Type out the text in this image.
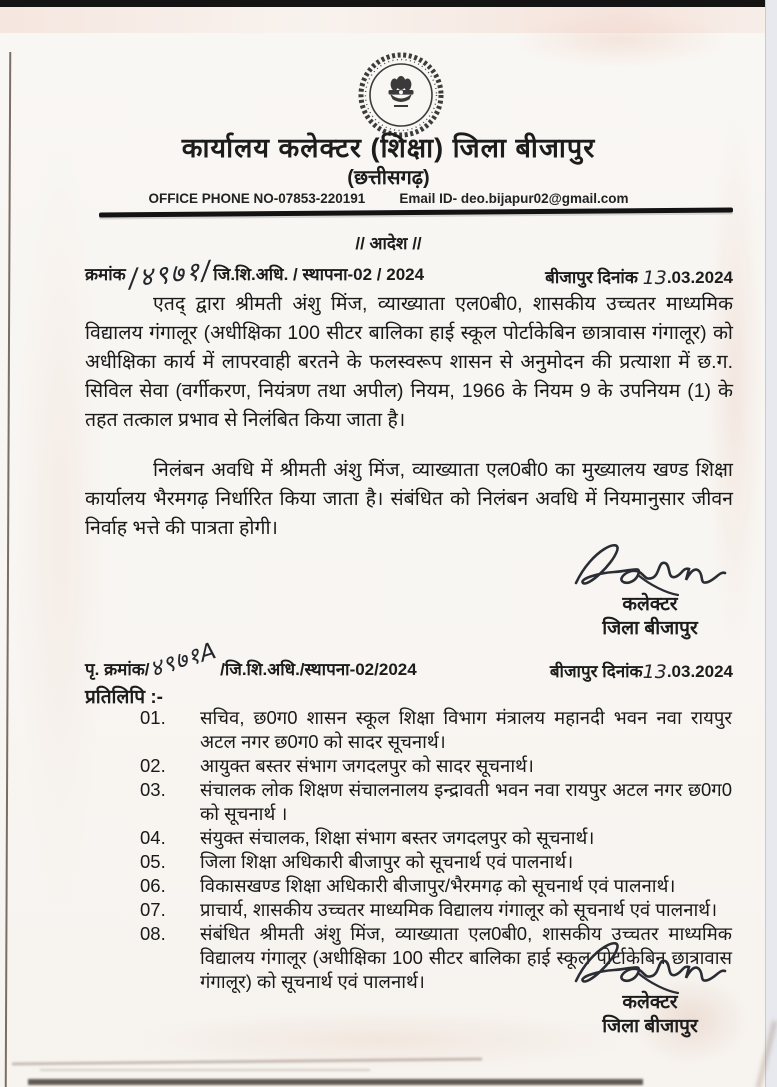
कार्यालय कलेक्टर (शिक्षा) जिला बीजापुर
(छत्तीसगढ़)
OFFICE PHONE NO-07853-220191	Email ID- deo.bijapur02@gmail.com
// आदेश //
क्रमांक/४९७१/जि.शि.अधि. / स्थापना-02 / 2024	बीजापुर दिनांक 13.03.2024
एतद् द्वारा श्रीमती अंशु मिंज, व्याख्याता एल0बी0, शासकीय उच्चतर माध्यमिक विद्यालय गंगालूर (अधीक्षिका 100 सीटर बालिका हाई स्कूल पोर्टाकेबिन छात्रावास गंगालूर) को अधीक्षिका कार्य में लापरवाही बरतने के फलस्वरूप शासन से अनुमोदन की प्रत्याशा में छ.ग. सिविल सेवा (वर्गीकरण, नियंत्रण तथा अपील) नियम, 1966 के नियम 9 के उपनियम (1) के तहत तत्काल प्रभाव से निलंबित किया जाता है।
निलंबन अवधि में श्रीमती अंशु मिंज, व्याख्याता एल0बी0 का मुख्यालय खण्ड शिक्षा कार्यालय भैरमगढ़ निर्धारित किया जाता है। संबंधित को निलंबन अवधि में नियमानुसार जीवन निर्वाह भत्ते की पात्रता होगी।
कलेक्टर
जिला बीजापुर
पृ. क्रमांक/४९७१A/जि.शि.अधि./स्थापना-02/2024	बीजापुर दिनांक13.03.2024
प्रतिलिपि :-
01.	सचिव, छ0ग0 शासन स्कूल शिक्षा विभाग मंत्रालय महानदी भवन नवा रायपुर अटल नगर छ0ग0 को सादर सूचनार्थ।
02.	आयुक्त बस्तर संभाग जगदलपुर को सादर सूचनार्थ।
03.	संचालक लोक शिक्षण संचालनालय इन्द्रावती भवन नवा रायपुर अटल नगर छ0ग0 को सूचनार्थ ।
04.	संयुक्त संचालक, शिक्षा संभाग बस्तर जगदलपुर को सूचनार्थ।
05.	जिला शिक्षा अधिकारी बीजापुर को सूचनार्थ एवं पालनार्थ।
06.	विकासखण्ड शिक्षा अधिकारी बीजापुर/भैरमगढ़ को सूचनार्थ एवं पालनार्थ।
07.	प्राचार्य, शासकीय उच्चतर माध्यमिक विद्यालय गंगालूर को सूचनार्थ एवं पालनार्थ।
08.	संबंधित श्रीमती अंशु मिंज, व्याख्याता एल0बी0, शासकीय उच्चतर माध्यमिक विद्यालय गंगालूर (अधीक्षिका 100 सीटर बालिका हाई स्कूल पोर्टाकेबिन छात्रावास गंगालूर) को सूचनार्थ एवं पालनार्थ।
कलेक्टर
जिला बीजापुर
